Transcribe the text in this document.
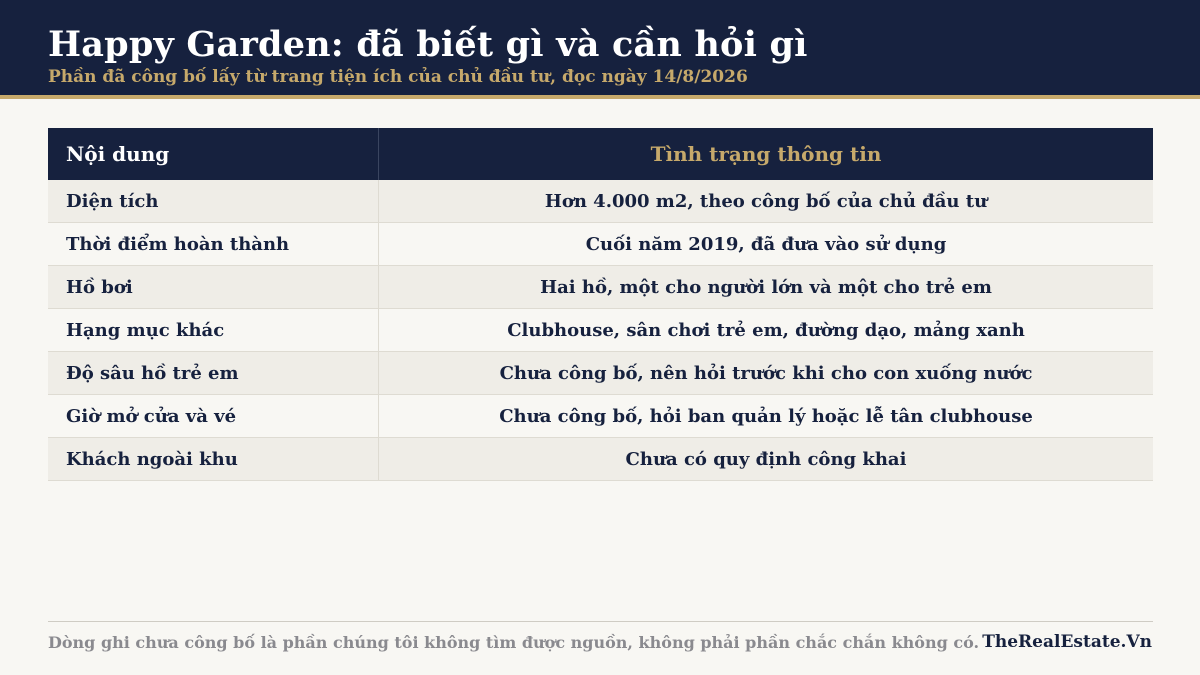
Happy Garden: đã biết gì và cần hỏi gì
Phần đã công bố lấy từ trang tiện ích của chủ đầu tư, đọc ngày 14/8/2026
Nội dung	Tình trạng thông tin
Diện tích	Hơn 4.000 m2, theo công bố của chủ đầu tư
Thời điểm hoàn thành	Cuối năm 2019, đã đưa vào sử dụng
Hồ bơi	Hai hồ, một cho người lớn và một cho trẻ em
Hạng mục khác	Clubhouse, sân chơi trẻ em, đường dạo, mảng xanh
Độ sâu hồ trẻ em	Chưa công bố, nên hỏi trước khi cho con xuống nước
Giờ mở cửa và vé	Chưa công bố, hỏi ban quản lý hoặc lễ tân clubhouse
Khách ngoài khu	Chưa có quy định công khai
Dòng ghi chưa công bố là phần chúng tôi không tìm được nguồn, không phải phần chắc chắn không có. TheRealEstate.Vn
